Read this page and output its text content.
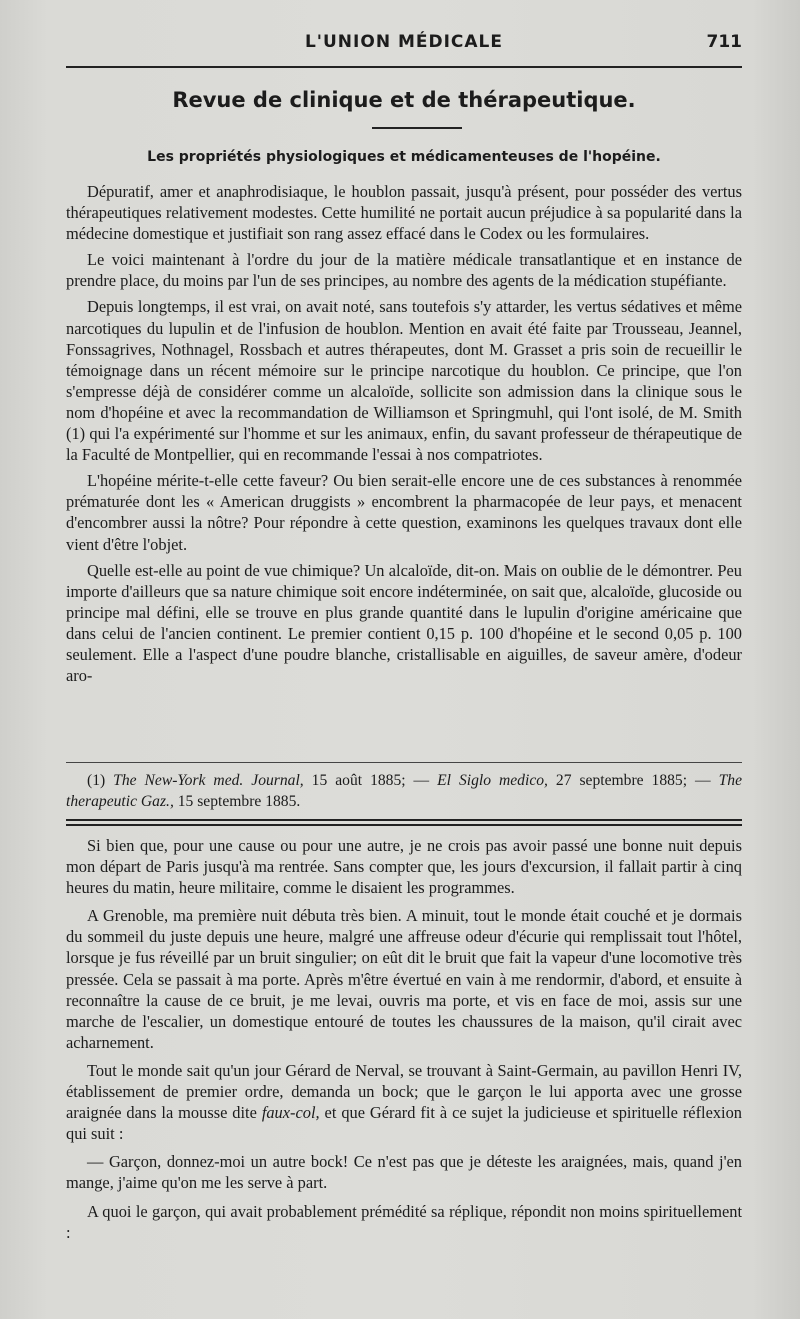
L'UNION MÉDICALE	711
Revue de clinique et de thérapeutique.
Les propriétés physiologiques et médicamenteuses de l'hopéine.

Dépuratif, amer et anaphrodisiaque, le houblon passait, jusqu'à présent, pour posséder des vertus thérapeutiques relativement modestes. Cette humilité ne portait aucun préjudice à sa popularité dans la médecine domestique et justifiait son rang assez effacé dans le Codex ou les formulaires.

Le voici maintenant à l'ordre du jour de la matière médicale transatlantique et en instance de prendre place, du moins par l'un de ses principes, au nombre des agents de la médication stupéfiante.

Depuis longtemps, il est vrai, on avait noté, sans toutefois s'y attarder, les vertus sédatives et même narcotiques du lupulin et de l'infusion de houblon. Mention en avait été faite par Trousseau, Jeannel, Fonssagrives, Nothnagel, Rossbach et autres thérapeutes, dont M. Grasset a pris soin de recueillir le témoignage dans un récent mémoire sur le principe narcotique du houblon. Ce principe, que l'on s'empresse déjà de considérer comme un alcaloïde, sollicite son admission dans la clinique sous le nom d'hopéine et avec la recommandation de Williamson et Springmuhl, qui l'ont isolé, de M. Smith (1) qui l'a expérimenté sur l'homme et sur les animaux, enfin, du savant professeur de thérapeutique de la Faculté de Montpellier, qui en recommande l'essai à nos compatriotes.

L'hopéine mérite-t-elle cette faveur? Ou bien serait-elle encore une de ces substances à renommée prématurée dont les « American druggists » encombrent la pharmacopée de leur pays, et menacent d'encombrer aussi la nôtre? Pour répondre à cette question, examinons les quelques travaux dont elle vient d'être l'objet.

Quelle est-elle au point de vue chimique? Un alcaloïde, dit-on. Mais on oublie de le démontrer. Peu importe d'ailleurs que sa nature chimique soit encore indéterminée, on sait que, alcaloïde, glucoside ou principe mal défini, elle se trouve en plus grande quantité dans le lupulin d'origine américaine que dans celui de l'ancien continent. Le premier contient 0,15 p. 100 d'hopéine et le second 0,05 p. 100 seulement. Elle a l'aspect d'une poudre blanche, cristallisable en aiguilles, de saveur amère, d'odeur aro-

(1) The New-York med. Journal, 15 août 1885; — El Siglo medico, 27 septembre 1885; — The therapeutic Gaz., 15 septembre 1885.

Si bien que, pour une cause ou pour une autre, je ne crois pas avoir passé une bonne nuit depuis mon départ de Paris jusqu'à ma rentrée. Sans compter que, les jours d'excursion, il fallait partir à cinq heures du matin, heure militaire, comme le disaient les programmes.

A Grenoble, ma première nuit débuta très bien. A minuit, tout le monde était couché et je dormais du sommeil du juste depuis une heure, malgré une affreuse odeur d'écurie qui remplissait tout l'hôtel, lorsque je fus réveillé par un bruit singulier; on eût dit le bruit que fait la vapeur d'une locomotive très pressée. Cela se passait à ma porte. Après m'être évertué en vain à me rendormir, d'abord, et ensuite à reconnaître la cause de ce bruit, je me levai, ouvris ma porte, et vis en face de moi, assis sur une marche de l'escalier, un domestique entouré de toutes les chaussures de la maison, qu'il cirait avec acharnement.

Tout le monde sait qu'un jour Gérard de Nerval, se trouvant à Saint-Germain, au pavillon Henri IV, établissement de premier ordre, demanda un bock; que le garçon le lui apporta avec une grosse araignée dans la mousse dite faux-col, et que Gérard fit à ce sujet la judicieuse et spirituelle réflexion qui suit :

— Garçon, donnez-moi un autre bock! Ce n'est pas que je déteste les araignées, mais, quand j'en mange, j'aime qu'on me les serve à part.

A quoi le garçon, qui avait probablement prémédité sa réplique, répondit non moins spirituellement :
